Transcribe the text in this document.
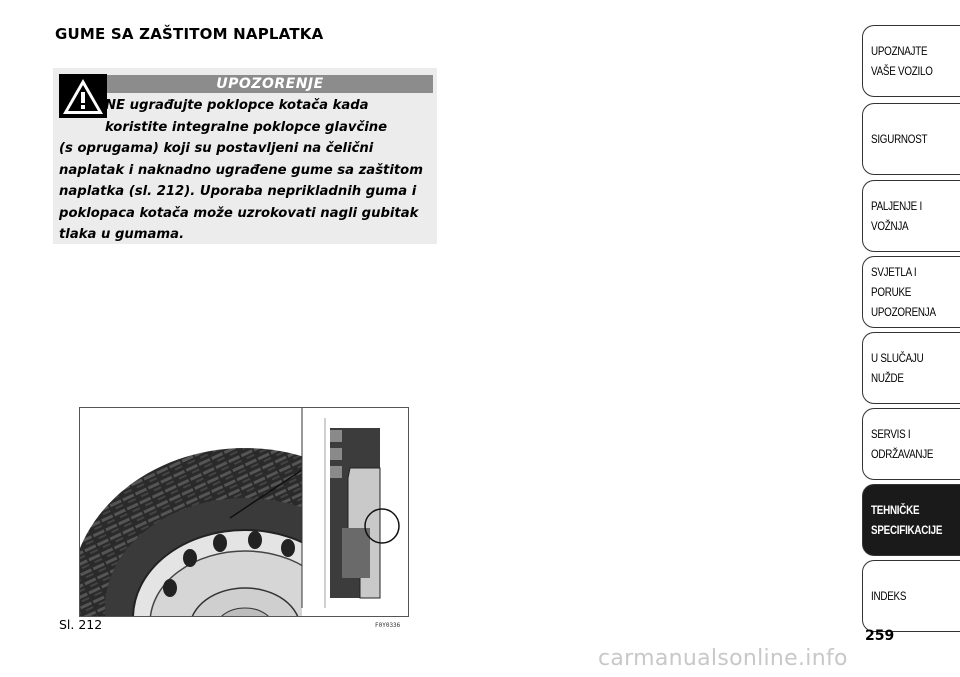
GUME SA ZAŠTITOM NAPLATKA
UPOZORENJE
NE ugrađujte poklopce kotača kada
koristite integralne poklopce glavčine
(s oprugama) koji su postavljeni na čelični naplatak i naknadno ugrađene gume sa zaštitom naplatka (sl. 212). Uporaba neprikladnih guma i poklopaca kotača može uzrokovati nagli gubitak tlaka u gumama.
Sl. 212	F0Y0336
UPOZNAJTE
VAŠE VOZILO
SIGURNOST
PALJENJE I
VOŽNJA
SVJETLA I PORUKE
UPOZORENJA
U SLUČAJU
NUŽDE
SERVIS I
ODRŽAVANJE
TEHNIČKE
SPECIFIKACIJE
INDEKS
259
carmanualsonline.info
